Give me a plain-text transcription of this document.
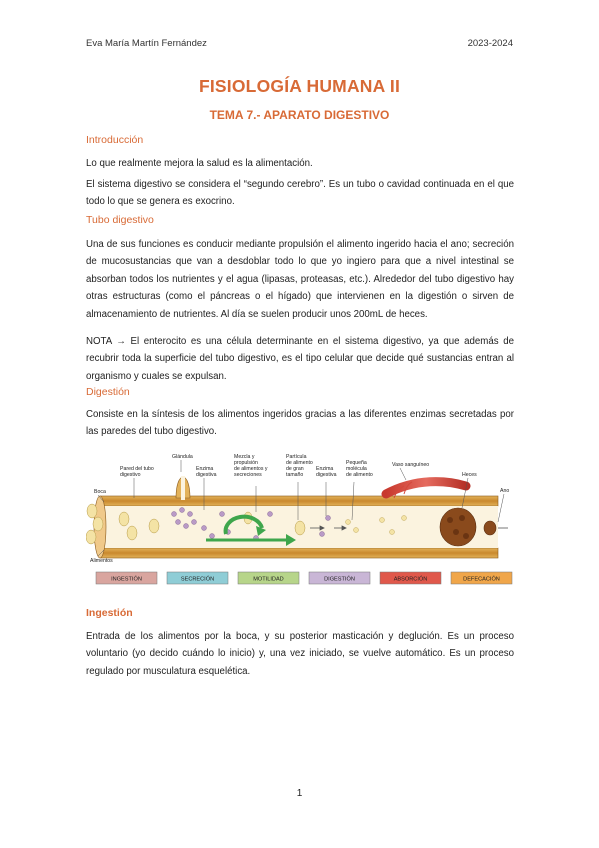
Eva María Martín Fernández	2023-2024
FISIOLOGÍA HUMANA II
TEMA 7.- APARATO DIGESTIVO
Introducción
Lo que realmente mejora la salud es la alimentación.
El sistema digestivo se considera el “segundo cerebro”. Es un tubo o cavidad continuada en el que todo lo que se genera es exocrino.
Tubo digestivo
Una de sus funciones es conducir mediante propulsión el alimento ingerido hacia el ano; secreción de mucosustancias que van a desdoblar todo lo que yo ingiero para que a nivel intestinal se absorban todos los nutrientes y el agua (lipasas, proteasas, etc.). Alrededor del tubo digestivo hay otras estructuras (como el páncreas o el hígado) que intervienen en la digestión o sirven de almacenamiento de nutrientes. Al día se suelen producir unos 200mL de heces.
NOTA → El enterocito es una célula determinante en el sistema digestivo, ya que además de recubrir toda la superficie del tubo digestivo, es el tipo celular que decide qué sustancias entran al organismo y cuales se expulsan.
Digestión
Consiste en la síntesis de los alimentos ingeridos gracias a las diferentes enzimas secretadas por las paredes del tubo digestivo.
Boca
Alimentos
Pared del tubo
digestivo
Glándula
Enzima
digestiva
Mezcla y
propulsión
de alimentos y
secreciones
Partícula
de alimento
de gran
tamaño
Enzima
digestiva
Pequeña
molécula
de alimento
Vaso sanguíneo
Heces
Ano
INGESTIÓN	SECRECIÓN	MOTILIDAD	DIGESTIÓN	ABSORCIÓN	DEFECACIÓN
Ingestión
Entrada de los alimentos por la boca, y su posterior masticación y deglución. Es un proceso voluntario (yo decido cuándo lo inicio) y, una vez iniciado, se vuelve automático. Es un proceso regulado por musculatura esquelética.
1
